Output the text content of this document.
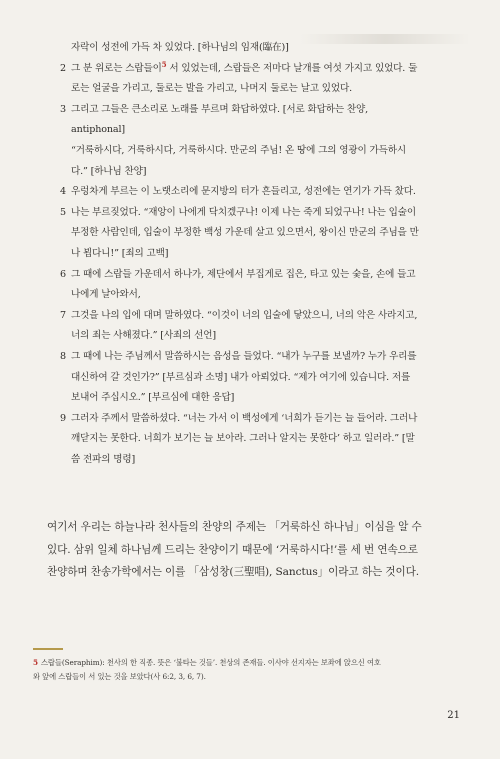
자락이 성전에 가득 차 있었다. [하나님의 임재(臨在)]
2 그 분 위로는 스랍들이$^5$ 서 있었는데, 스랍들은 저마다 날개를 여섯 가지고 있었다. 둘
로는 얼굴을 가리고, 둘로는 발을 가리고, 나머지 둘로는 날고 있었다.
3 그리고 그들은 큰소리로 노래를 부르며 화답하였다. [서로 화답하는 찬양,
antiphonal]
“거룩하시다, 거룩하시다, 거룩하시다. 만군의 주님! 온 땅에 그의 영광이 가득하시
다.” [하나님 찬양]
4 우렁차게 부르는 이 노랫소리에 문지방의 터가 흔들리고, 성전에는 연기가 가득 찼다.
5 나는 부르짖었다. “재앙이 나에게 닥치겠구나! 이제 나는 죽게 되었구나! 나는 입술이
부정한 사람인데, 입술이 부정한 백성 가운데 살고 있으면서, 왕이신 만군의 주님을 만
나 뵙다니!” [죄의 고백]
6 그 때에 스랍들 가운데서 하나가, 제단에서 부집게로 집은, 타고 있는 숯을, 손에 들고
나에게 날아와서,
7 그것을 나의 입에 대며 말하였다. “이것이 너의 입술에 닿았으니, 너의 악은 사라지고,
너의 죄는 사해졌다.” [사죄의 선언]
8 그 때에 나는 주님께서 말씀하시는 음성을 들었다. “내가 누구를 보낼까? 누가 우리를
대신하여 갈 것인가?” [부르심과 소명] 내가 아뢰었다. “제가 여기에 있습니다. 저를
보내어 주십시오.” [부르심에 대한 응답]
9 그러자 주께서 말씀하셨다. “너는 가서 이 백성에게 ‘너희가 듣기는 늘 들어라. 그러나
깨닫지는 못한다. 너희가 보기는 늘 보아라. 그러나 알지는 못한다’ 하고 일러라.” [말
씀 전파의 명령]
여기서 우리는 하늘나라 천사들의 찬양의 주제는 「거룩하신 하나님」이심을 알 수
있다. 삼위 일체 하나님께 드리는 찬양이기 때문에 ‘거룩하시다!’를 세 번 연속으로
찬양하며 찬송가학에서는 이를 「삼성창(三聖唱), Sanctus」이라고 하는 것이다.
5 스랍들(Seraphim): 천사의 한 직종. 뜻은 ‘불타는 것들’. 천상의 존재들. 이사야 선지자는 보좌에 앉으신 여호
와 앞에 스랍들이 서 있는 것을 보았다(사 6:2, 3, 6, 7).
21
